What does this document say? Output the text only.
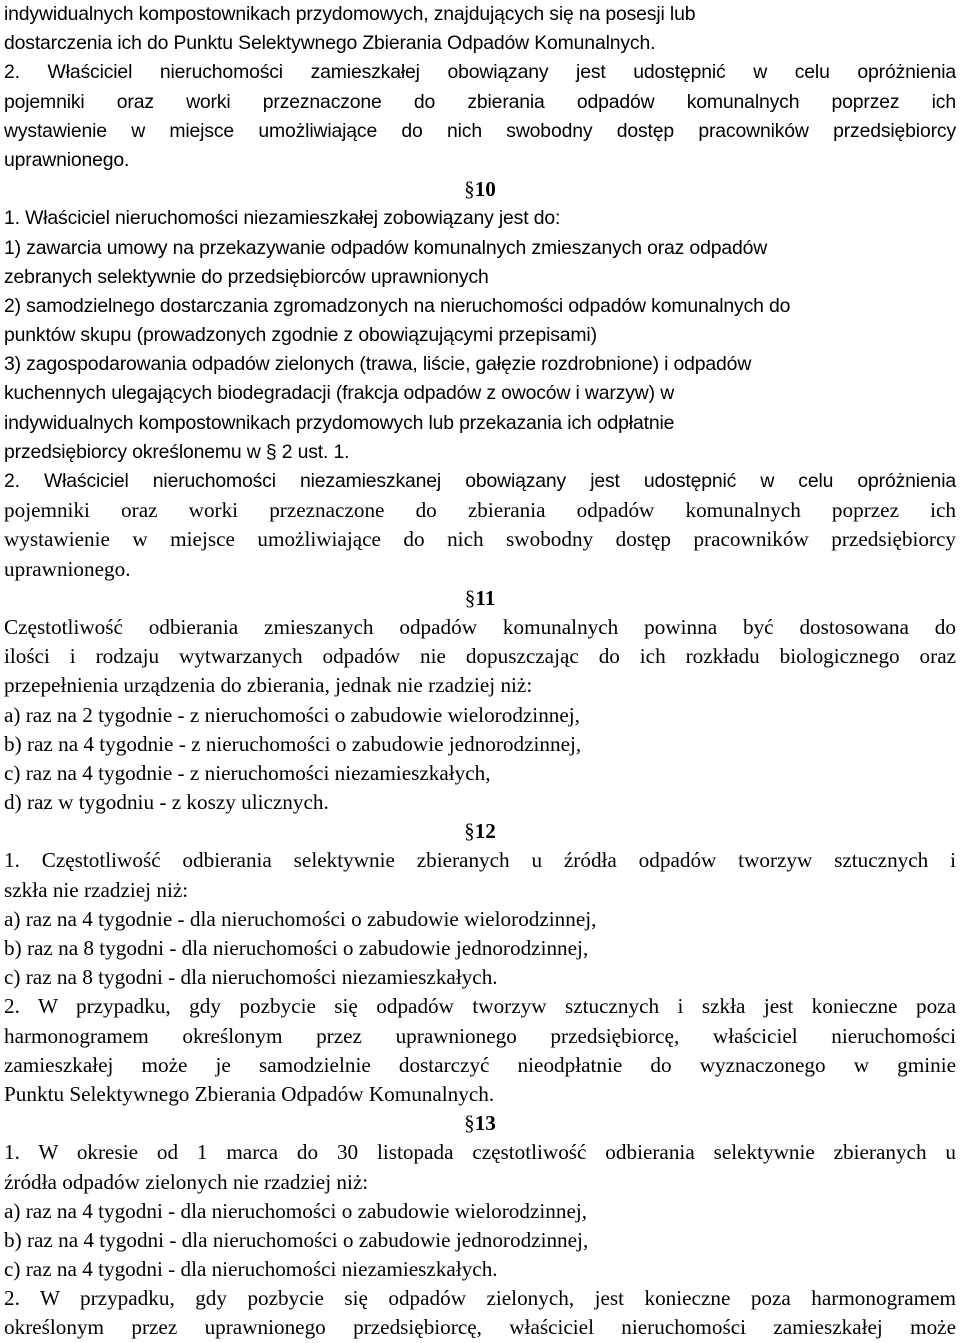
indywidualnych kompostownikach przydomowych, znajdujących się na posesji lub
dostarczenia ich do Punktu Selektywnego Zbierania Odpadów Komunalnych.
2. Właściciel nieruchomości zamieszkałej obowiązany jest udostępnić w celu opróżnienia
pojemniki oraz worki przeznaczone do zbierania odpadów komunalnych poprzez ich
wystawienie w miejsce umożliwiające do nich swobodny dostęp pracowników przedsiębiorcy
uprawnionego.
§10
1. Właściciel nieruchomości niezamieszkałej zobowiązany jest do:
1) zawarcia umowy na przekazywanie odpadów komunalnych zmieszanych oraz odpadów
zebranych selektywnie do przedsiębiorców uprawnionych
2) samodzielnego dostarczania zgromadzonych na nieruchomości odpadów komunalnych do
punktów skupu (prowadzonych zgodnie z obowiązującymi przepisami)
3) zagospodarowania odpadów zielonych (trawa, liście, gałęzie rozdrobnione) i odpadów
kuchennych ulegających biodegradacji (frakcja odpadów z owoców i warzyw) w
indywidualnych kompostownikach przydomowych lub przekazania ich odpłatnie
przedsiębiorcy określonemu w § 2 ust. 1.
2. Właściciel nieruchomości niezamieszkanej obowiązany jest udostępnić w celu opróżnienia
pojemniki oraz worki przeznaczone do zbierania odpadów komunalnych poprzez ich
wystawienie w miejsce umożliwiające do nich swobodny dostęp pracowników przedsiębiorcy
uprawnionego.
§11
Częstotliwość odbierania zmieszanych odpadów komunalnych powinna być dostosowana do
ilości i rodzaju wytwarzanych odpadów nie dopuszczając do ich rozkładu biologicznego oraz
przepełnienia urządzenia do zbierania, jednak nie rzadziej niż:
a) raz na 2 tygodnie - z nieruchomości o zabudowie wielorodzinnej,
b) raz na 4 tygodnie - z nieruchomości o zabudowie jednorodzinnej,
c) raz na 4 tygodnie - z nieruchomości niezamieszkałych,
d) raz w tygodniu - z koszy ulicznych.
§12
1. Częstotliwość odbierania selektywnie zbieranych u źródła odpadów tworzyw sztucznych i
szkła nie rzadziej niż:
a) raz na 4 tygodnie - dla nieruchomości o zabudowie wielorodzinnej,
b) raz na 8 tygodni - dla nieruchomości o zabudowie jednorodzinnej,
c) raz na 8 tygodni - dla nieruchomości niezamieszkałych.
2. W przypadku, gdy pozbycie się odpadów tworzyw sztucznych i szkła jest konieczne poza
harmonogramem określonym przez uprawnionego przedsiębiorcę, właściciel nieruchomości
zamieszkałej może je samodzielnie dostarczyć nieodpłatnie do wyznaczonego w gminie
Punktu Selektywnego Zbierania Odpadów Komunalnych.
§13
1. W okresie od 1 marca do 30 listopada częstotliwość odbierania selektywnie zbieranych u
źródła odpadów zielonych nie rzadziej niż:
a) raz na 4 tygodni - dla nieruchomości o zabudowie wielorodzinnej,
b) raz na 4 tygodni - dla nieruchomości o zabudowie jednorodzinnej,
c) raz na 4 tygodni - dla nieruchomości niezamieszkałych.
2. W przypadku, gdy pozbycie się odpadów zielonych, jest konieczne poza harmonogramem
określonym przez uprawnionego przedsiębiorcę, właściciel nieruchomości zamieszkałej może
